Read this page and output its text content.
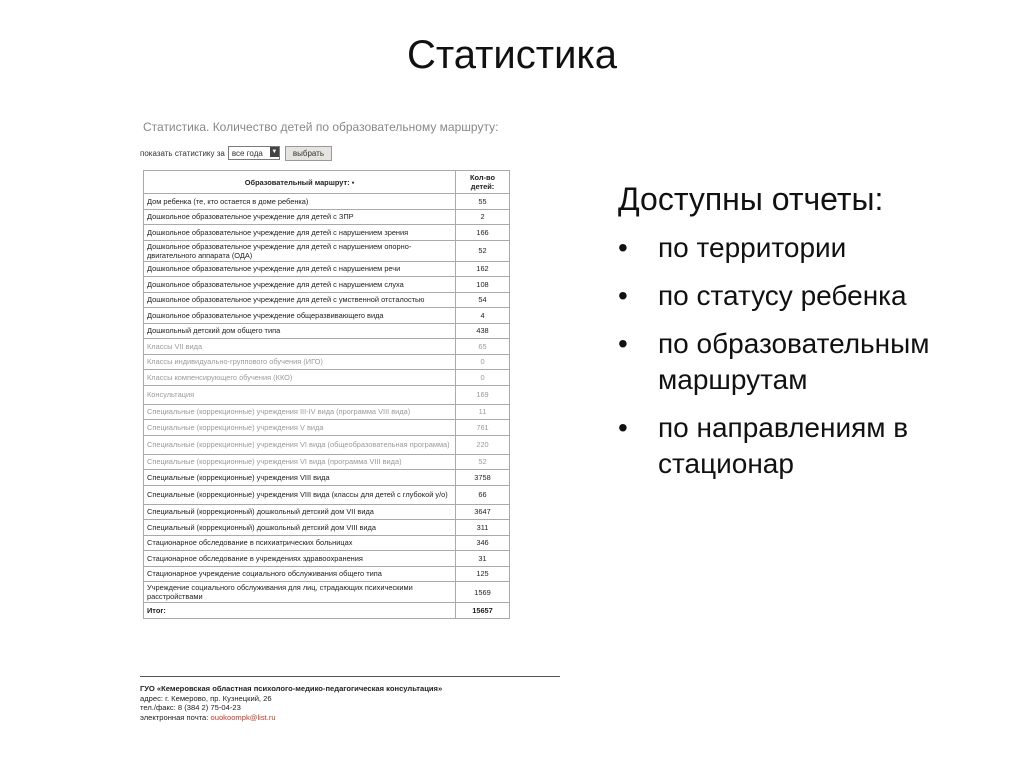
Статистика
Статистика. Количество детей по образовательному маршруту:
показать статистику за все года ▼	выбрать
Образовательный маршрут: ▪	Кол-во детей:
Дом ребенка (те, кто остается в доме ребенка)	55
Дошкольное образовательное учреждение для детей с ЗПР	2
Дошкольное образовательное учреждение для детей с нарушением зрения	166
Дошкольное образовательное учреждение для детей с нарушением опорно-двигательного аппарата (ОДА)	52
Дошкольное образовательное учреждение для детей с нарушением речи	162
Дошкольное образовательное учреждение для детей с нарушением слуха	108
Дошкольное образовательное учреждение для детей с умственной отсталостью	54
Дошкольное образовательное учреждение общеразвивающего вида	4
Дошкольный детский дом общего типа	438
Классы VII вида	65
Классы индивидуально-группового обучения (ИГО)	0
Классы компенсирующего обучения (ККО)	0
Консультация	169
Специальные (коррекционные) учреждения III-IV вида (программа VIII вида)	11
Специальные (коррекционные) учреждения V вида	761
Специальные (коррекционные) учреждения VI вида (общеобразовательная программа)	220
Специальные (коррекционные) учреждения VI вида (программа VIII вида)	52
Специальные (коррекционные) учреждения VIII вида	3758
Специальные (коррекционные) учреждения VIII вида (классы для детей с глубокой у/о)	66
Специальный (коррекционный) дошкольный детский дом VII вида	3647
Специальный (коррекционный) дошкольный детский дом VIII вида	311
Стационарное обследование в психиатрических больницах	346
Стационарное обследование в учреждениях здравоохранения	31
Стационарное учреждение социального обслуживания общего типа	125
Учреждение социального обслуживания для лиц, страдающих психическими расстройствами	1569
Итог:	15657
ГУО «Кемеровская областная психолого-медико-педагогическая консультация»
адрес: г. Кемерово, пр. Кузнецкий, 26
тел./факс: 8 (384 2) 75-04-23
электронная почта: ouokoompk@list.ru
Доступны отчеты:
•	по территории
•	по статусу ребенка
•	по образовательным маршрутам
•	по направлениям в стационар
